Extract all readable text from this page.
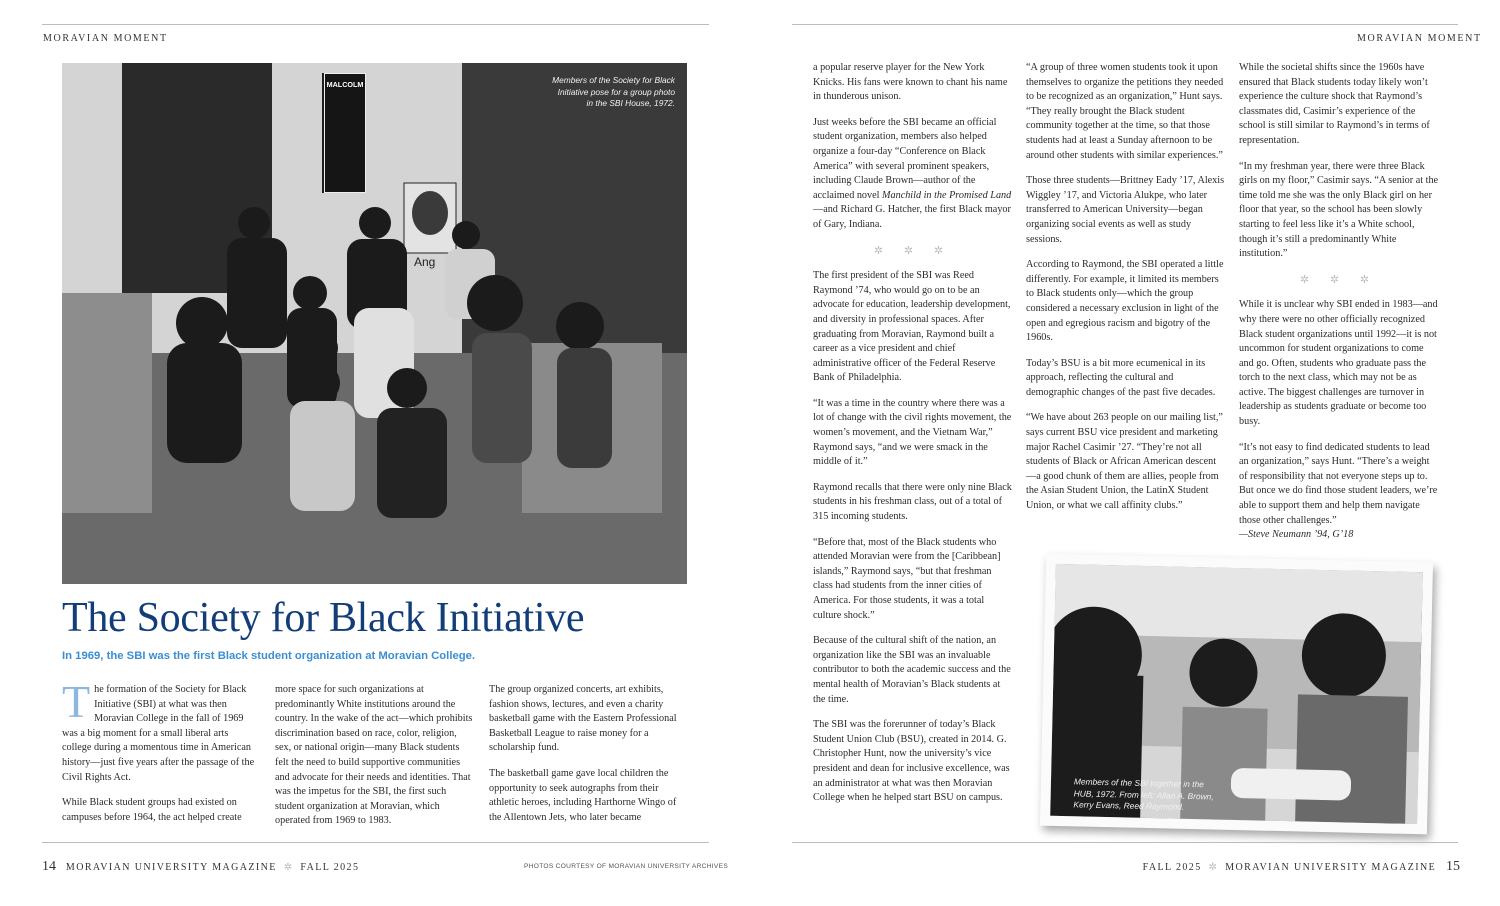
MORAVIAN MOMENT	MORAVIAN MOMENT
MALCOLM
Ang
Members of the Society for Black Initiative pose for a group photo in the SBI House, 1972.
The Society for Black Initiative
In 1969, the SBI was the first Black student organization at Moravian College.

The formation of the Society for Black Initiative (SBI) at what was then Moravian College in the fall of 1969 was a big moment for a small liberal arts college during a momentous time in American history—just five years after the passage of the Civil Rights Act.

While Black student groups had existed on campuses before 1964, the act helped create

more space for such organizations at predominantly White institutions around the country. In the wake of the act—which prohibits discrimination based on race, color, religion, sex, or national origin—many Black students felt the need to build supportive communities and advocate for their needs and identities. That was the impetus for the SBI, the first such student organization at Moravian, which operated from 1969 to 1983.

The group organized concerts, art exhibits, fashion shows, lectures, and even a charity basketball game with the Eastern Professional Basketball League to raise money for a scholarship fund.

The basketball game gave local children the opportunity to seek autographs from their athletic heroes, including Harthorne Wingo of the Allentown Jets, who later became

a popular reserve player for the New York Knicks. His fans were known to chant his name in thunderous unison.

Just weeks before the SBI became an official student organization, members also helped organize a four-day “Conference on Black America” with several prominent speakers, including Claude Brown—author of the acclaimed novel Manchild in the Promised Land—and Richard G. Hatcher, the first Black mayor of Gary, Indiana.

✲ ✲ ✲

The first president of the SBI was Reed Raymond ’74, who would go on to be an advocate for education, leadership development, and diversity in professional spaces. After graduating from Moravian, Raymond built a career as a vice president and chief administrative officer of the Federal Reserve Bank of Philadelphia.

“It was a time in the country where there was a lot of change with the civil rights movement, the women’s movement, and the Vietnam War,” Raymond says, “and we were smack in the middle of it.”

Raymond recalls that there were only nine Black students in his freshman class, out of a total of 315 incoming students.

“Before that, most of the Black students who attended Moravian were from the [Caribbean] islands,” Raymond says, “but that freshman class had students from the inner cities of America. For those students, it was a total culture shock.”

Because of the cultural shift of the nation, an organization like the SBI was an invaluable contributor to both the academic success and the mental health of Moravian’s Black students at the time.

The SBI was the forerunner of today’s Black Student Union Club (BSU), created in 2014. G. Christopher Hunt, now the university’s vice president and dean for inclusive excellence, was an administrator at what was then Moravian College when he helped start BSU on campus.

“A group of three women students took it upon themselves to organize the petitions they needed to be recognized as an organization,” Hunt says. “They really brought the Black student community together at the time, so that those students had at least a Sunday afternoon to be around other students with similar experiences.”

Those three students—Brittney Eady ’17, Alexis Wiggley ’17, and Victoria Alukpe, who later transferred to American University—began organizing social events as well as study sessions.

According to Raymond, the SBI operated a little differently. For example, it limited its members to Black students only—which the group considered a necessary exclusion in light of the open and egregious racism and bigotry of the 1960s.

Today’s BSU is a bit more ecumenical in its approach, reflecting the cultural and demographic changes of the past five decades.

“We have about 263 people on our mailing list,” says current BSU vice president and marketing major Rachel Casimir ’27. “They’re not all students of Black or African American descent—a good chunk of them are allies, people from the Asian Student Union, the LatinX Student Union, or what we call affinity clubs.”

While the societal shifts since the 1960s have ensured that Black students today likely won’t experience the culture shock that Raymond’s classmates did, Casimir’s experience of the school is still similar to Raymond’s in terms of representation.

“In my freshman year, there were three Black girls on my floor,” Casimir says. “A senior at the time told me she was the only Black girl on her floor that year, so the school has been slowly starting to feel less like it’s a White school, though it’s still a predominantly White institution.”

✲ ✲ ✲

While it is unclear why SBI ended in 1983—and why there were no other officially recognized Black student organizations until 1992—it is not uncommon for student organizations to come and go. Often, students who graduate pass the torch to the next class, which may not be as active. The biggest challenges are turnover in leadership as students graduate or become too busy.

“It’s not easy to find dedicated students to lead an organization,” says Hunt. “There’s a weight of responsibility that not everyone steps up to. But once we do find those student leaders, we’re able to support them and help them navigate those other challenges.”

—Steve Neumann ’94, G’18

Members of the SBI together in the HUB, 1972. From left: Allan A. Brown, Kerry Evans, Reed Raymond.
14 MORAVIAN UNIVERSITY MAGAZINE ✲ FALL 2025	PHOTOS COURTESY OF MORAVIAN UNIVERSITY ARCHIVES	FALL 2025 ✲ MORAVIAN UNIVERSITY MAGAZINE 15
